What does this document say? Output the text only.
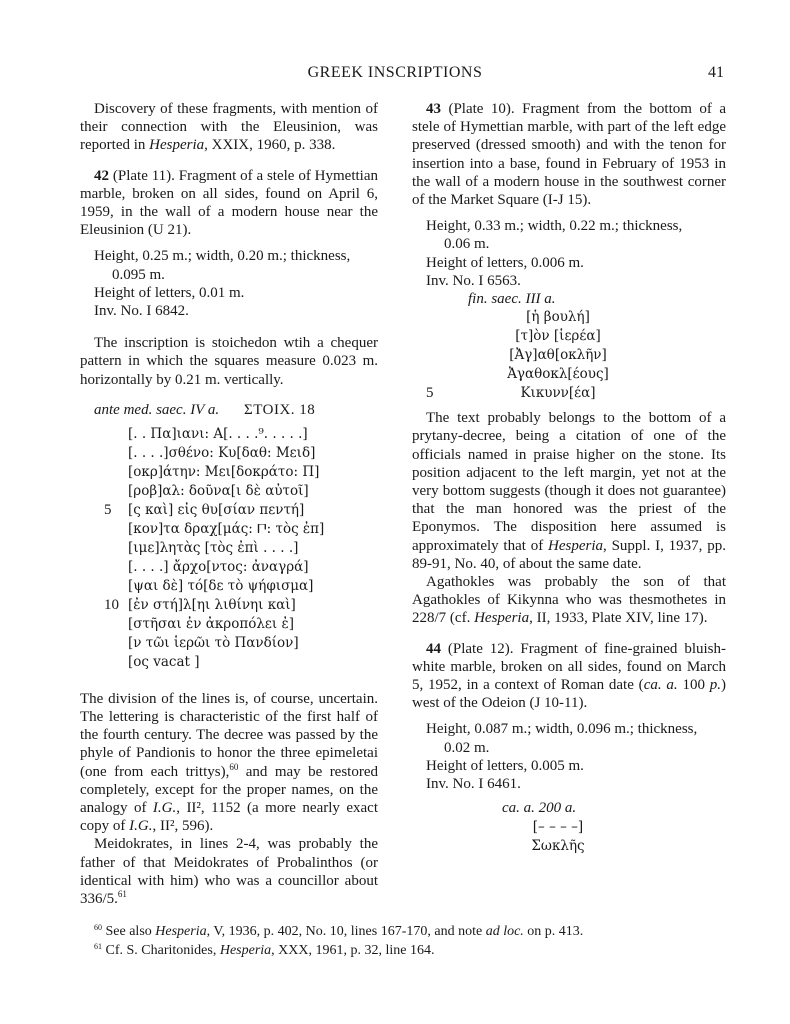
GREEK INSCRIPTIONS	41

Discovery of these fragments, with mention of their connection with the Eleusinion, was reported in Hesperia, XXIX, 1960, p. 338.

42 (Plate 11). Fragment of a stele of Hymettian marble, broken on all sides, found on April 6, 1959, in the wall of a modern house near the Eleusinion (U 21).

Height, 0.25 m.; width, 0.20 m.; thickness,
0.095 m.
Height of letters, 0.01 m.
Inv. No. I 6842.

The inscription is stoichedon wtih a chequer pattern in which the squares measure 0.023 m. horizontally by 0.21 m. vertically.

ante med. saec. IV a. ΣΤΟΙΧ. 18
[. . Πα]ιανι: Α[. . . .⁹. . . . .]
[. . . .]σθένο: Κυ[δαθ: Μειδ]
[οκρ]άτην: Μει[δοκράτο: Π]
[ροβ]αλ: δοῦνα[ι δὲ αὐτοῖ]
5 [ς καὶ] εἰς θυ[σίαν πεντή]
[κον]τα δραχ[μάς: 𐅃: τὸς ἐπ]
[ιμε]λητὰς [τὸς ἐπὶ . . . .]
[. . . .] ἄρχο[ντος: ἀναγρά]
[ψαι δὲ] τό[δε τὸ ψήφισμα]
10 [ἐν στή]λ[ηι λιθίνηι καὶ]
[στῆσαι ἐν ἀκροπόλει ἐ]
[ν τῶι ἱερῶι τὸ Πανδίον]
[ος vacat ]

The division of the lines is, of course, uncertain. The lettering is characteristic of the first half of the fourth century. The decree was passed by the phyle of Pandionis to honor the three epimeletai (one from each trittys),$^{60}$ and may be restored completely, except for the proper names, on the analogy of I.G., II², 1152 (a more nearly exact copy of I.G., II², 596).

Meidokrates, in lines 2-4, was probably the father of that Meidokrates of Probalinthos (or identical with him) who was a councillor about 336/5.61

43 (Plate 10). Fragment from the bottom of a stele of Hymettian marble, with part of the left edge preserved (dressed smooth) and with the tenon for insertion into a base, found in February of 1953 in the wall of a modern house in the southwest corner of the Market Square (I-J 15).

Height, 0.33 m.; width, 0.22 m.; thickness,
0.06 m.
Height of letters, 0.006 m.
Inv. No. I 6563.
fin. saec. III a.
[ἡ βουλή]
[τ]ὸν [ἱερέα]
[Ἀγ]αθ[οκλῆν]
Ἀγαθοκλ[έους]
5	Κικυνν[έα]

The text probably belongs to the bottom of a prytany-decree, being a citation of one of the officials named in praise higher on the stone. Its position adjacent to the left margin, yet not at the very bottom suggests (though it does not guarantee) that the man honored was the priest of the Eponymos. The disposition here assumed is approximately that of Hesperia, Suppl. I, 1937, pp. 89-91, No. 40, of about the same date.

Agathokles was probably the son of that Agathokles of Kikynna who was thesmothetes in 228/7 (cf. Hesperia, II, 1933, Plate XIV, line 17).

44 (Plate 12). Fragment of fine-grained bluish-white marble, broken on all sides, found on March 5, 1952, in a context of Roman date (ca. a. 100 p.) west of the Odeion (J 10-11).

Height, 0.087 m.; width, 0.096 m.; thickness,
0.02 m.
Height of letters, 0.005 m.
Inv. No. I 6461.
ca. a. 200 a.
[– – – –]
Σωκλῆς
$^{60}$ See also Hesperia, V, 1936, p. 402, No. 10, lines 167-170, and note ad loc. on p. 413.
$^{61}$ Cf. S. Charitonides, Hesperia, XXX, 1961, p. 32, line 164.
